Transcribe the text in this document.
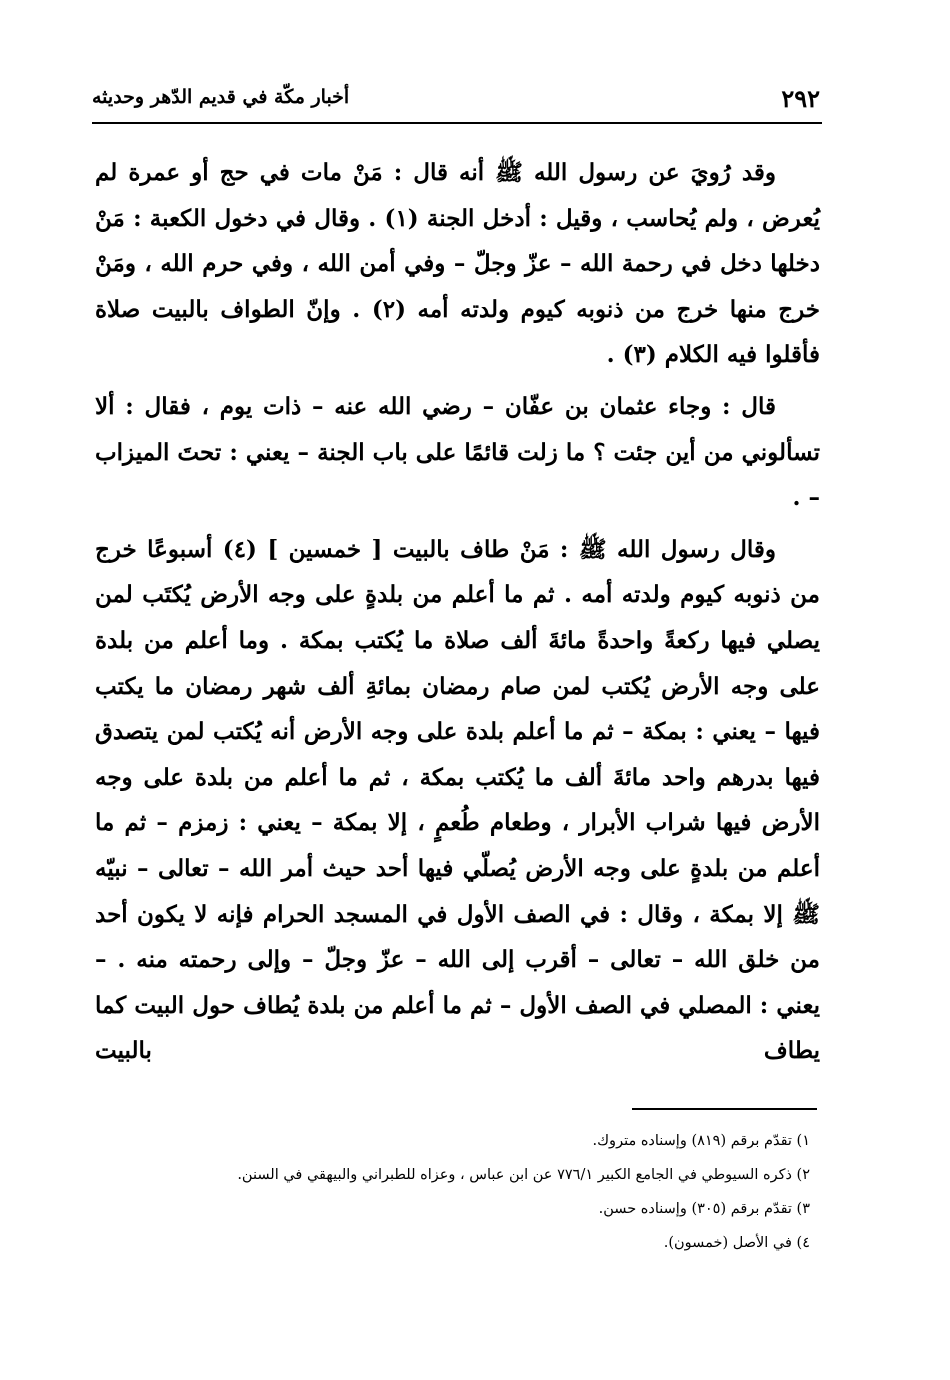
٢٩٢
أخبار مكّة في قديم الدّهر وحديثه

وقد رُويَ عن رسول الله ﷺ أنه قال : مَنْ مات في حج أو عمرة لم يُعرض ، ولم يُحاسب ، وقيل : أدخل الجنة (١) . وقال في دخول الكعبة : مَنْ دخلها دخل في رحمة الله – عزّ وجلّ – وفي أمن الله ، وفي حرم الله ، ومَنْ خرج منها خرج من ذنوبه كيوم ولدته أمه (٢) . وإنّ الطواف بالبيت صلاة فأقلوا فيه الكلام (٣) .

قال : وجاء عثمان بن عفّان – رضي الله عنه – ذات يوم ، فقال : ألا تسألوني من أين جئت ؟ ما زلت قائمًا على باب الجنة – يعني : تحتَ الميزاب – .

وقال رسول الله ﷺ : مَنْ طاف بالبيت [ خمسين ] (٤) أسبوعًا خرج من ذنوبه كيوم ولدته أمه . ثم ما أعلم من بلدةٍ على وجه الأرض يُكتَب لمن يصلي فيها ركعةً واحدةً مائةَ ألف صلاة ما يُكتب بمكة . وما أعلم من بلدة على وجه الأرض يُكتب لمن صام رمضان بمائةِ ألف شهر رمضان ما يكتب فيها – يعني : بمكة – ثم ما أعلم بلدة على وجه الأرض أنه يُكتب لمن يتصدق فيها بدرهم واحد مائةَ ألف ما يُكتب بمكة ، ثم ما أعلم من بلدة على وجه الأرض فيها شراب الأبرار ، وطعام طُعمٍ ، إلا بمكة – يعني : زمزم – ثم ما أعلم من بلدةٍ على وجه الأرض يُصلّي فيها أحد حيث أمر الله – تعالى – نبيّه ﷺ إلا بمكة ، وقال : في الصف الأول في المسجد الحرام فإنه لا يكون أحد من خلق الله – تعالى – أقرب إلى الله – عزّ وجلّ – وإلى رحمته منه . – يعني : المصلي في الصف الأول – ثم ما أعلم من بلدة يُطاف حول البيت كما يطاف بالبيت

١) تقدّم برقم (٨١٩) وإسناده متروك.
٢) ذكره السيوطي في الجامع الكبير ٧٧٦/١ عن ابن عباس ، وعزاه للطبراني والبيهقي في السنن.
٣) تقدّم برقم (٣٠٥) وإسناده حسن.
٤) في الأصل (خمسون).
